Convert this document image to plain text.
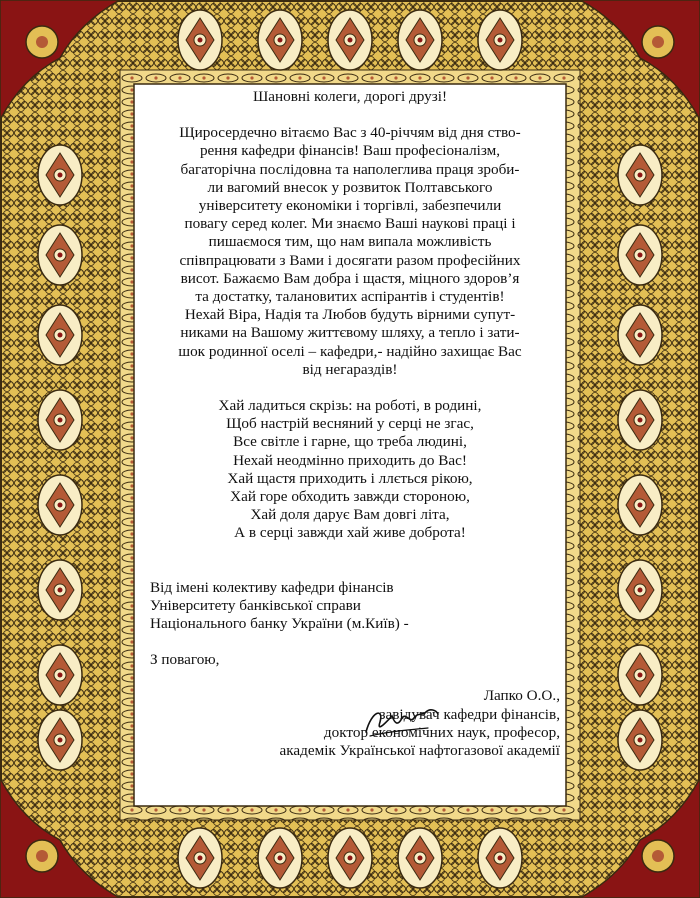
Шановні колеги, дорогі друзі!
Щиросердечно вітаємо Вас з 40-річчям від дня ство-
рення кафедри фінансів! Ваш професіоналізм,
багаторічна послідовна та наполеглива праця зроби-
ли вагомий внесок у розвиток Полтавського
університету економіки і торгівлі, забезпечили
повагу серед колег. Ми знаємо Ваші наукові праці і
пишаємося тим, що нам випала можливість
співпрацювати з Вами і досягати разом професійних
висот. Бажаємо Вам добра і щастя, міцного здоров’я
та достатку, талановитих аспірантів і студентів!
Нехай Віра, Надія та Любов будуть вірними супут-
никами на Вашому життєвому шляху, а тепло і зати-
шок родинної оселі – кафедри,- надійно захищає Вас
від негараздів!
Хай ладиться скрізь: на роботі, в родині,
Щоб настрій весняний у серці не згас,
Все світле і гарне, що треба людині,
Нехай неодмінно приходить до Вас!
Хай щастя приходить і ллється рікою,
Хай горе обходить завжди стороною,
Хай доля дарує Вам довгі літа,
А в серці завжди хай живе доброта!
Від імені колективу кафедри фінансів
Університету банківської справи
Національного банку України (м.Київ) -
З повагою,
Лапко О.О.,
завідувач кафедри фінансів,
доктор економічних наук, професор,
академік Української нафтогазової академії
